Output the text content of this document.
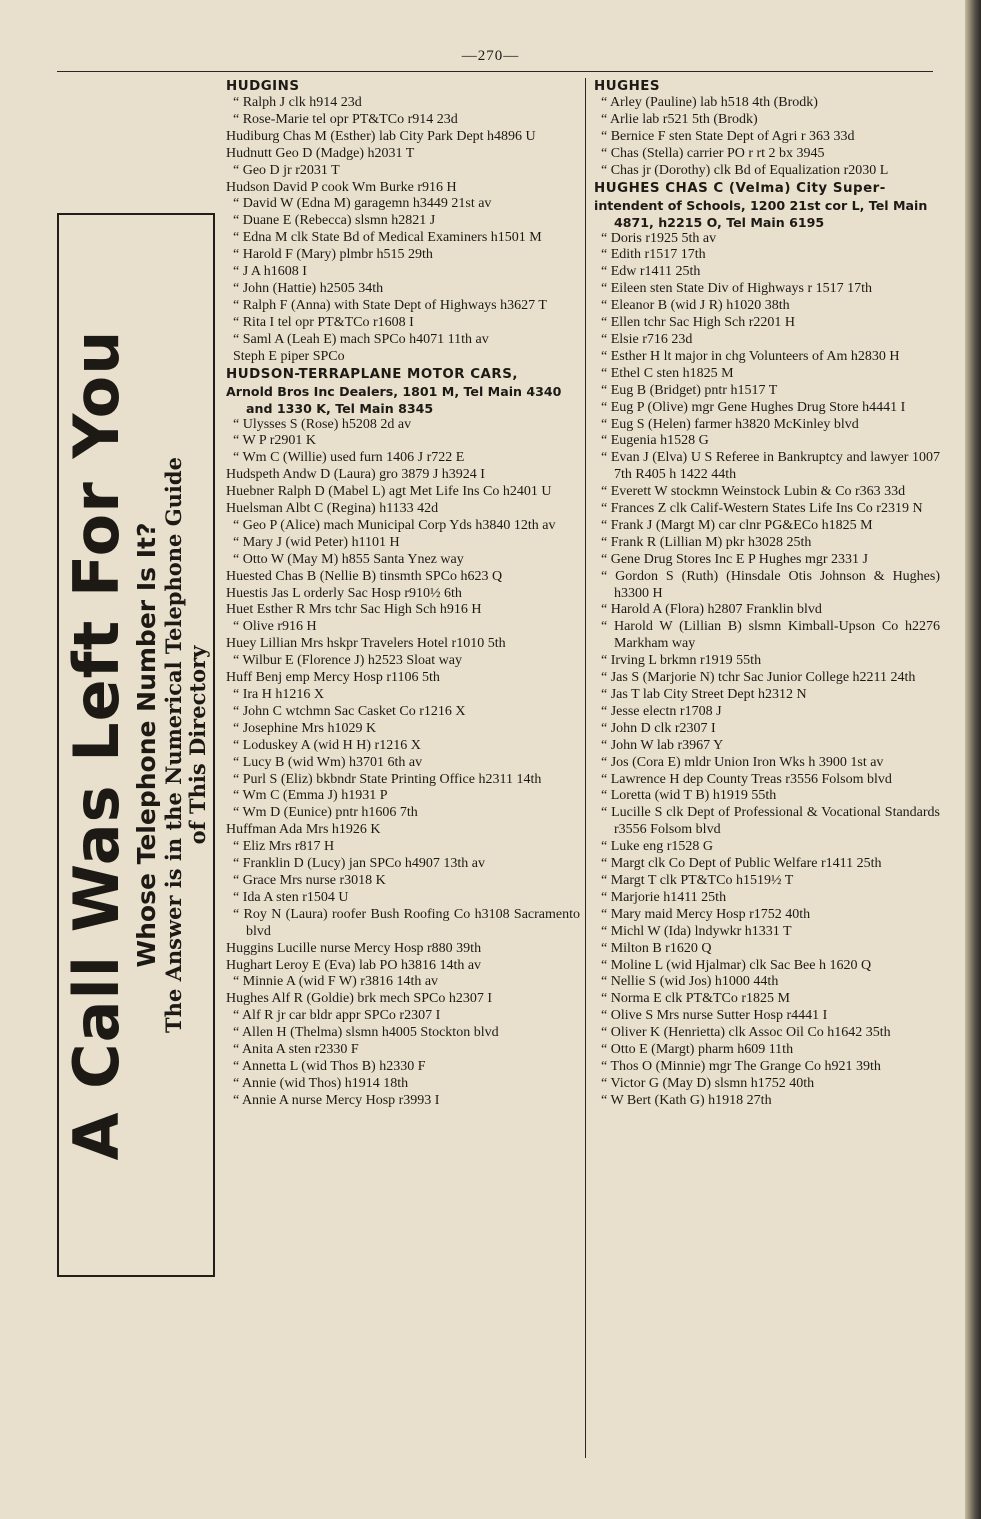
—270—
A Call Was Left For You Whose Telephone Number Is It? The Answer is in the Numerical Telephone Guide of This Directory
HUDGINS
“ Ralph J clk h914 23d
“ Rose-Marie tel opr PT&TCo r914 23d
Hudiburg Chas M (Esther) lab City Park Dept h4896 U
Hudnutt Geo D (Madge) h2031 T
“ Geo D jr r2031 T
Hudson David P cook Wm Burke r916 H
“ David W (Edna M) garagemn h3449 21st av
“ Duane E (Rebecca) slsmn h2821 J
“ Edna M clk State Bd of Medical Examiners h1501 M
“ Harold F (Mary) plmbr h515 29th
“ J A h1608 I
“ John (Hattie) h2505 34th
“ Ralph F (Anna) with State Dept of Highways h3627 T
“ Rita I tel opr PT&TCo r1608 I
“ Saml A (Leah E) mach SPCo h4071 11th av
Steph E piper SPCo
HUDSON-TERRAPLANE MOTOR CARS,
Arnold Bros Inc Dealers, 1801 M, Tel Main 4340 and 1330 K, Tel Main 8345
“ Ulysses S (Rose) h5208 2d av
“ W P r2901 K
“ Wm C (Willie) used furn 1406 J r722 E
Hudspeth Andw D (Laura) gro 3879 J h3924 I
Huebner Ralph D (Mabel L) agt Met Life Ins Co h2401 U
Huelsman Albt C (Regina) h1133 42d
“ Geo P (Alice) mach Municipal Corp Yds h3840 12th av
“ Mary J (wid Peter) h1101 H
“ Otto W (May M) h855 Santa Ynez way
Huested Chas B (Nellie B) tinsmth SPCo h623 Q
Huestis Jas L orderly Sac Hosp r910½ 6th
Huet Esther R Mrs tchr Sac High Sch h916 H
“ Olive r916 H
Huey Lillian Mrs hskpr Travelers Hotel r1010 5th
“ Wilbur E (Florence J) h2523 Sloat way
Huff Benj emp Mercy Hosp r1106 5th
“ Ira H h1216 X
“ John C wtchmn Sac Casket Co r1216 X
“ Josephine Mrs h1029 K
“ Loduskey A (wid H H) r1216 X
“ Lucy B (wid Wm) h3701 6th av
“ Purl S (Eliz) bkbndr State Printing Office h2311 14th
“ Wm C (Emma J) h1931 P
“ Wm D (Eunice) pntr h1606 7th
Huffman Ada Mrs h1926 K
“ Eliz Mrs r817 H
“ Franklin D (Lucy) jan SPCo h4907 13th av
“ Grace Mrs nurse r3018 K
“ Ida A sten r1504 U
“ Roy N (Laura) roofer Bush Roofing Co h3108 Sacramento blvd
Huggins Lucille nurse Mercy Hosp r880 39th
Hughart Leroy E (Eva) lab PO h3816 14th av
“ Minnie A (wid F W) r3816 14th av
Hughes Alf R (Goldie) brk mech SPCo h2307 I
“ Alf R jr car bldr appr SPCo r2307 I
“ Allen H (Thelma) slsmn h4005 Stockton blvd
“ Anita A sten r2330 F
“ Annetta L (wid Thos B) h2330 F
“ Annie (wid Thos) h1914 18th
“ Annie A nurse Mercy Hosp r3993 I
HUGHES
“ Arley (Pauline) lab h518 4th (Brodk)
“ Arlie lab r521 5th (Brodk)
“ Bernice F sten State Dept of Agri r 363 33d
“ Chas (Stella) carrier PO r rt 2 bx 3945
“ Chas jr (Dorothy) clk Bd of Equalization r2030 L
HUGHES CHAS C (Velma) City Super-
intendent of Schools, 1200 21st cor L, Tel Main 4871, h2215 O, Tel Main 6195
“ Doris r1925 5th av
“ Edith r1517 17th
“ Edw r1411 25th
“ Eileen sten State Div of Highways r 1517 17th
“ Eleanor B (wid J R) h1020 38th
“ Ellen tchr Sac High Sch r2201 H
“ Elsie r716 23d
“ Esther H lt major in chg Volunteers of Am h2830 H
“ Ethel C sten h1825 M
“ Eug B (Bridget) pntr h1517 T
“ Eug P (Olive) mgr Gene Hughes Drug Store h4441 I
“ Eug S (Helen) farmer h3820 McKinley blvd
“ Eugenia h1528 G
“ Evan J (Elva) U S Referee in Bankruptcy and lawyer 1007 7th R405 h 1422 44th
“ Everett W stockmn Weinstock Lubin & Co r363 33d
“ Frances Z clk Calif-Western States Life Ins Co r2319 N
“ Frank J (Margt M) car clnr PG&ECo h1825 M
“ Frank R (Lillian M) pkr h3028 25th
“ Gene Drug Stores Inc E P Hughes mgr 2331 J
“ Gordon S (Ruth) (Hinsdale Otis Johnson & Hughes) h3300 H
“ Harold A (Flora) h2807 Franklin blvd
“ Harold W (Lillian B) slsmn Kimball-Upson Co h2276 Markham way
“ Irving L brkmn r1919 55th
“ Jas S (Marjorie N) tchr Sac Junior College h2211 24th
“ Jas T lab City Street Dept h2312 N
“ Jesse electn r1708 J
“ John D clk r2307 I
“ John W lab r3967 Y
“ Jos (Cora E) mldr Union Iron Wks h 3900 1st av
“ Lawrence H dep County Treas r3556 Folsom blvd
“ Loretta (wid T B) h1919 55th
“ Lucille S clk Dept of Professional & Vocational Standards r3556 Folsom blvd
“ Luke eng r1528 G
“ Margt clk Co Dept of Public Welfare r1411 25th
“ Margt T clk PT&TCo h1519½ T
“ Marjorie h1411 25th
“ Mary maid Mercy Hosp r1752 40th
“ Michl W (Ida) lndywkr h1331 T
“ Milton B r1620 Q
“ Moline L (wid Hjalmar) clk Sac Bee h 1620 Q
“ Nellie S (wid Jos) h1000 44th
“ Norma E clk PT&TCo r1825 M
“ Olive S Mrs nurse Sutter Hosp r4441 I
“ Oliver K (Henrietta) clk Assoc Oil Co h1642 35th
“ Otto E (Margt) pharm h609 11th
“ Thos O (Minnie) mgr The Grange Co h921 39th
“ Victor G (May D) slsmn h1752 40th
“ W Bert (Kath G) h1918 27th
